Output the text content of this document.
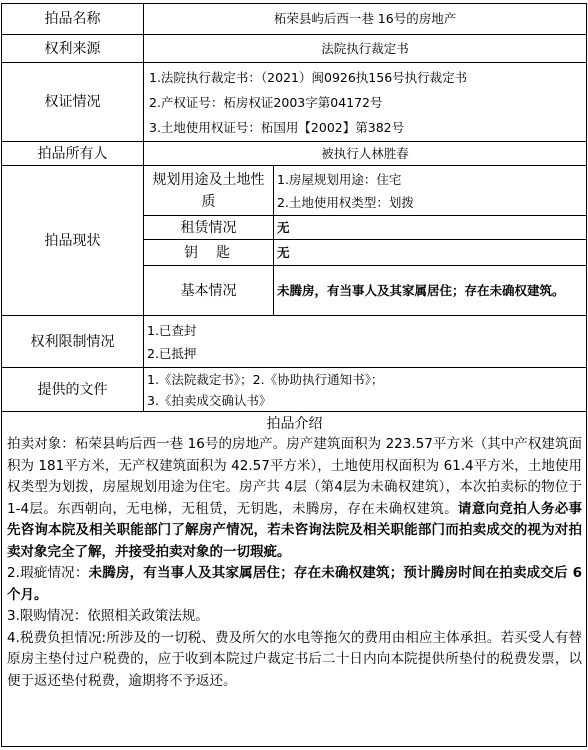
拍品名称	柘荣县屿后西一巷 16号的房地产	
权利来源	法院执行裁定书	
权证情况	1.法院执行裁定书：（2021）闽0926执156号执行裁定书
2.产权证号：柘房权证2003字第04172号
3.土地使用权证号：柘国用【2002】第382号	

拍品所有人	被执行人林胜春	
拍品现状	规划用途及土地性质	1.房屋规划用途：住宅
2.土地使用权类型：划拨

	租赁情况	无
	钥匙	无
	基本情况	未腾房，有当事人及其家属居住；存在未确权建筑。
权利限制情况	1.已查封
2.已抵押	

提供的文件	1.《法院裁定书》；2.《协助执行通知书》；
3.《拍卖成交确认书》	

拍品介绍

拍卖对象：柘荣县屿后西一巷 16号的房地产。房产建筑面积为 223.57平方米（其中产权建筑面积为 181平方米，无产权建筑面积为 42.57平方米），土地使用权面积为 61.4平方米，土地使用权类型为划拨，房屋规划用途为住宅。房产共 4层（第4层为未确权建筑），本次拍卖标的物位于 1-4层。东西朝向，无电梯，无租赁，无钥匙，未腾房，存在未确权建筑。请意向竞拍人务必事先咨询本院及相关职能部门了解房产情况，若未咨询法院及相关职能部门而拍卖成交的视为对拍卖对象完全了解，并接受拍卖对象的一切瑕疵。

2.瑕疵情况：未腾房，有当事人及其家属居住；存在未确权建筑；预计腾房时间在拍卖成交后 6个月。

3.限购情况：依照相关政策法规。

4.税费负担情况:所涉及的一切税、费及所欠的水电等拖欠的费用由相应主体承担。若买受人有替原房主垫付过户税费的，应于收到本院过户裁定书后二十日内向本院提供所垫付的税费发票，以便于返还垫付税费，逾期将不予返还。		
